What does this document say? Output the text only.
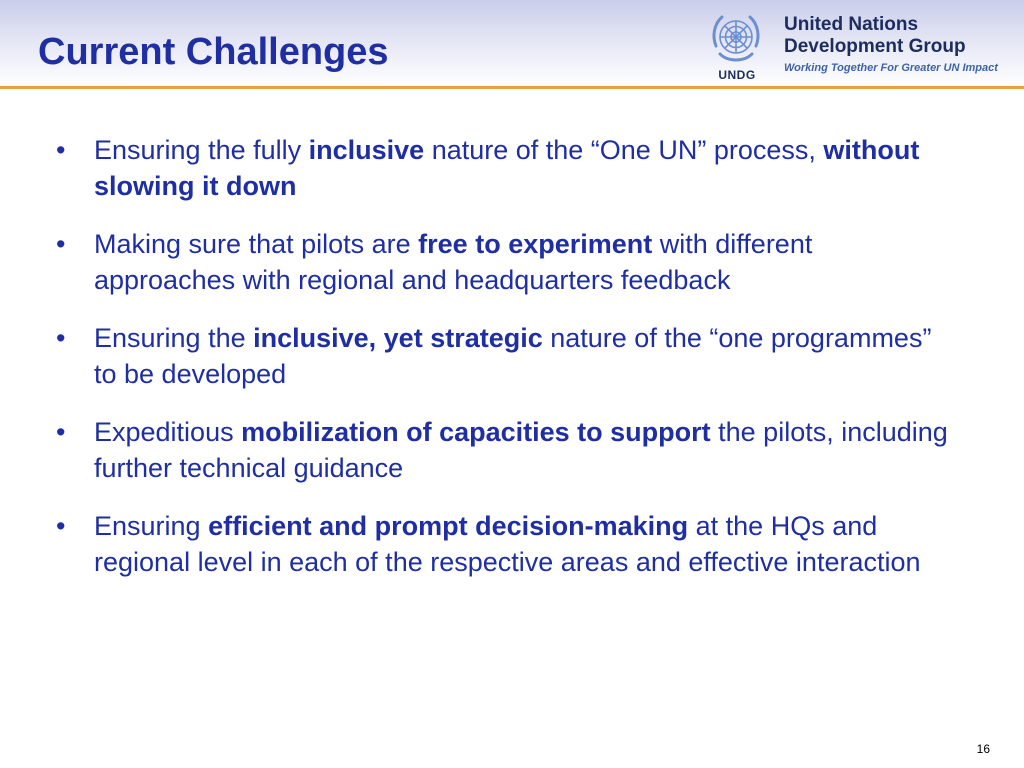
Current Challenges
UNDG
United Nations
Development Group
Working Together For Greater UN Impact
• Ensuring the fully inclusive nature of the “One UN” process, without slowing it down
• Making sure that pilots are free to experiment with different approaches with regional and headquarters feedback
• Ensuring the inclusive, yet strategic nature of the “one programmes” to be developed
• Expeditious mobilization of capacities to support the pilots, including further technical guidance
• Ensuring efficient and prompt decision-making at the HQs and regional level in each of the respective areas and effective interaction
16
